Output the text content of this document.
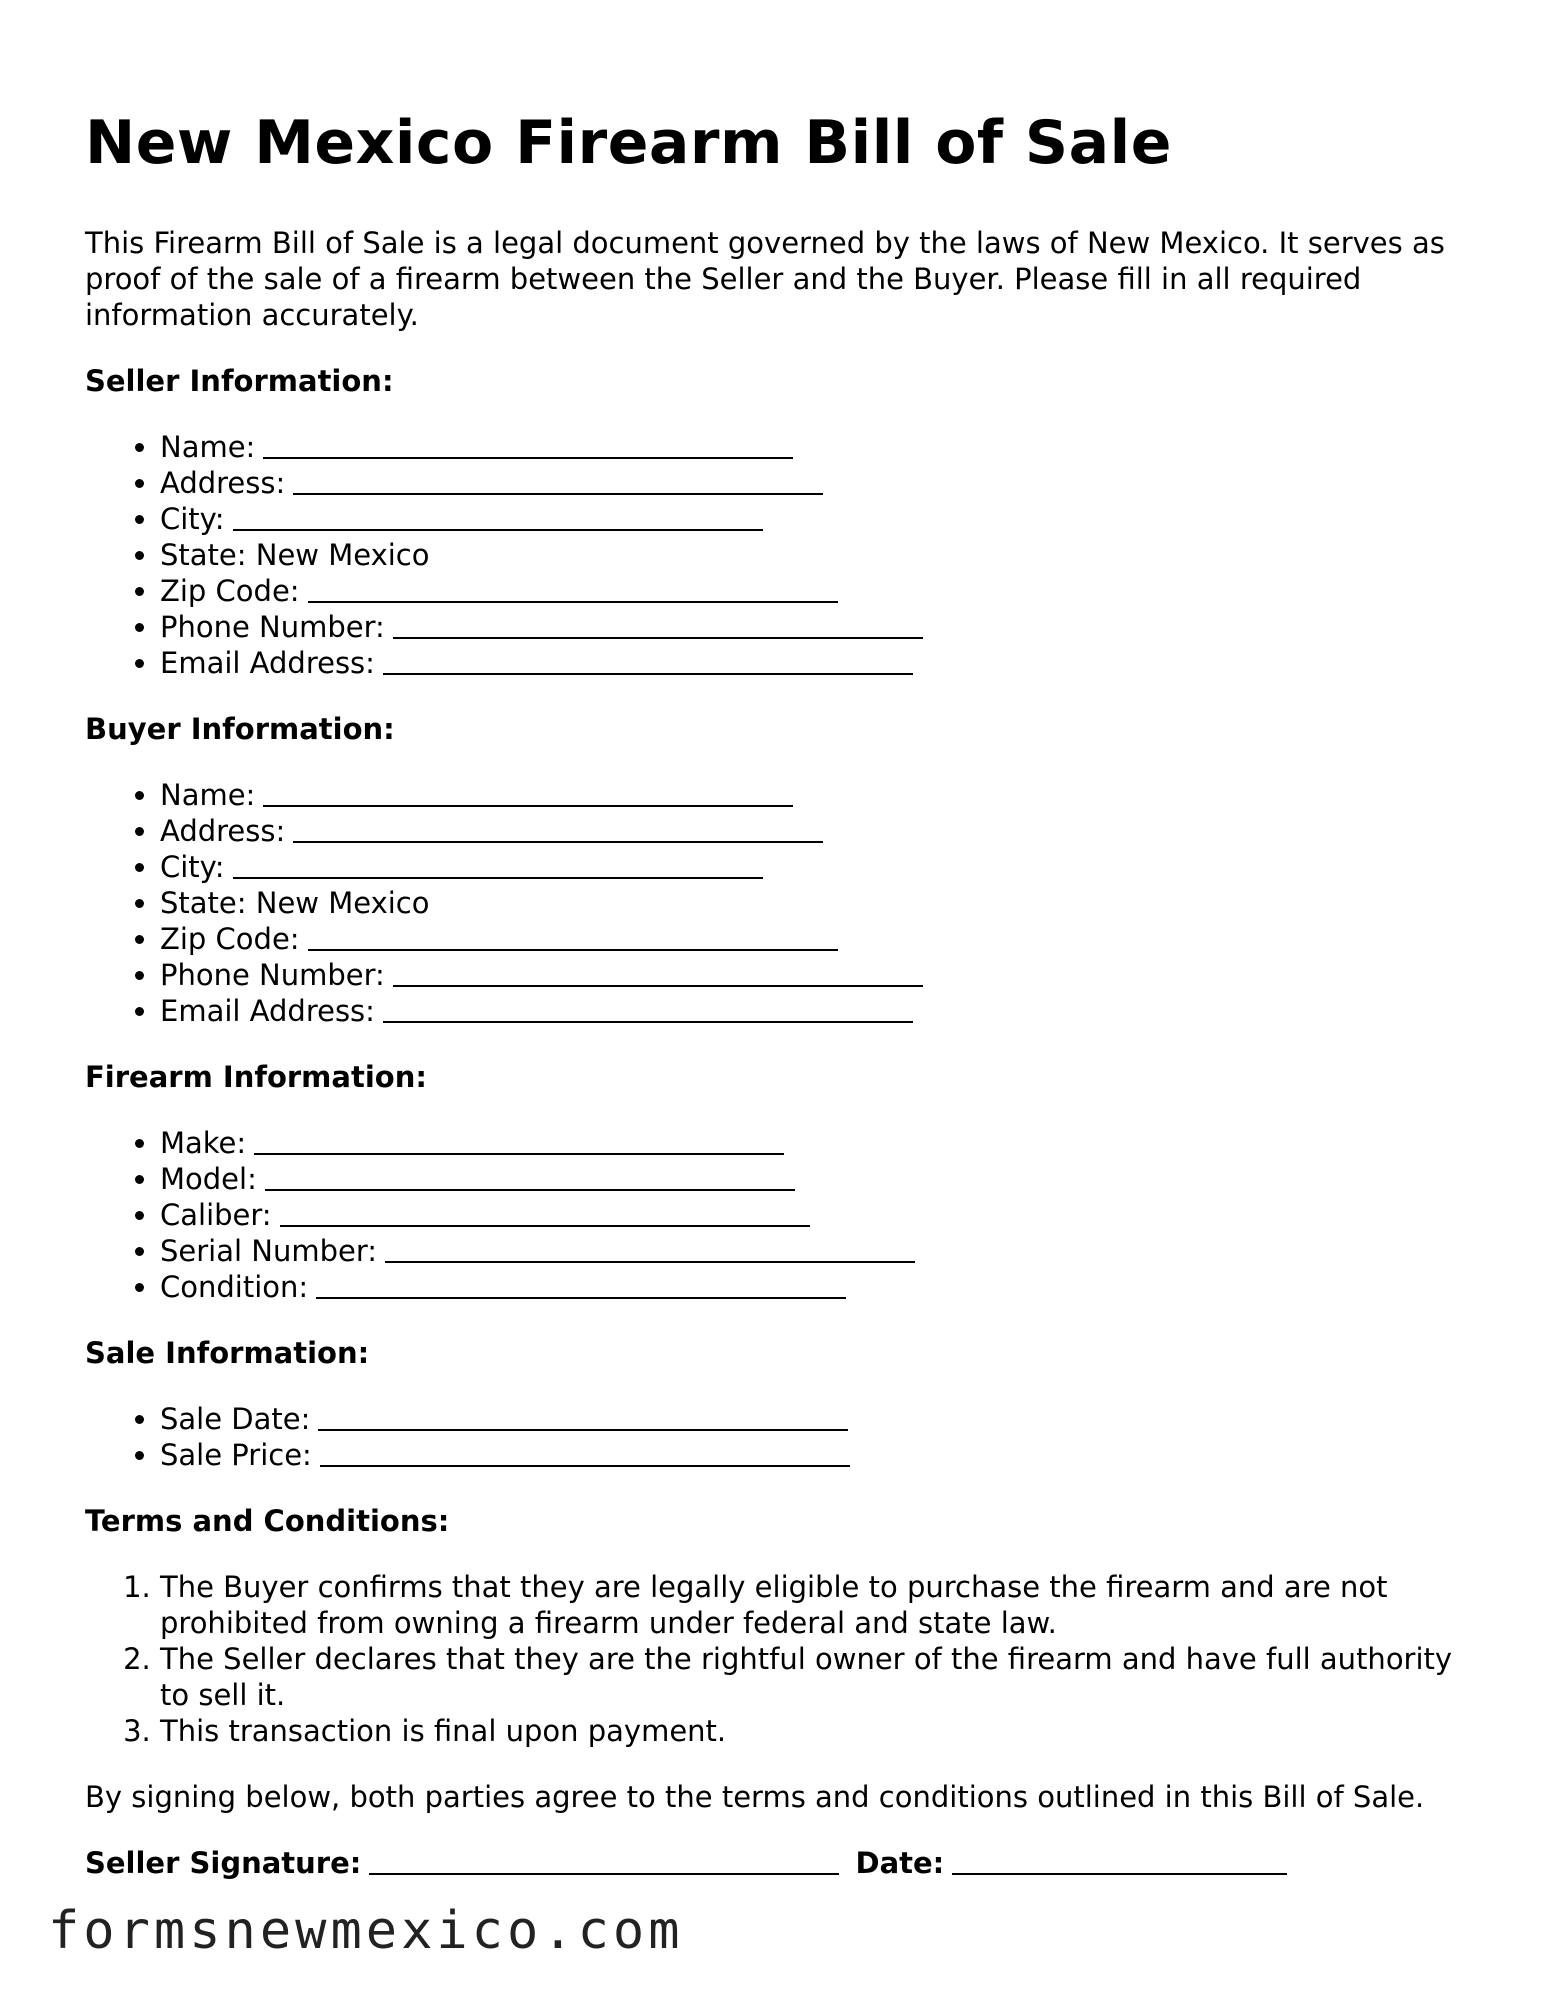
New Mexico Firearm Bill of Sale

This Firearm Bill of Sale is a legal document governed by the laws of New Mexico. It serves as proof of the sale of a firearm between the Seller and the Buyer. Please fill in all required information accurately.

Seller Information:
• Name:
• Address:
• City:
• State: New Mexico
• Zip Code:
• Phone Number:
• Email Address:
Buyer Information:
• Name:
• Address:
• City:
• State: New Mexico
• Zip Code:
• Phone Number:
• Email Address:
Firearm Information:
• Make:
• Model:
• Caliber:
• Serial Number:
• Condition:
Sale Information:
• Sale Date:
• Sale Price:
Terms and Conditions:
1. The Buyer confirms that they are legally eligible to purchase the firearm and are not prohibited from owning a firearm under federal and state law.
2. The Seller declares that they are the rightful owner of the firearm and have full authority to sell it.
3. This transaction is final upon payment.

By signing below, both parties agree to the terms and conditions outlined in this Bill of Sale.

Seller Signature:	Date:
formsnewmexico.com
